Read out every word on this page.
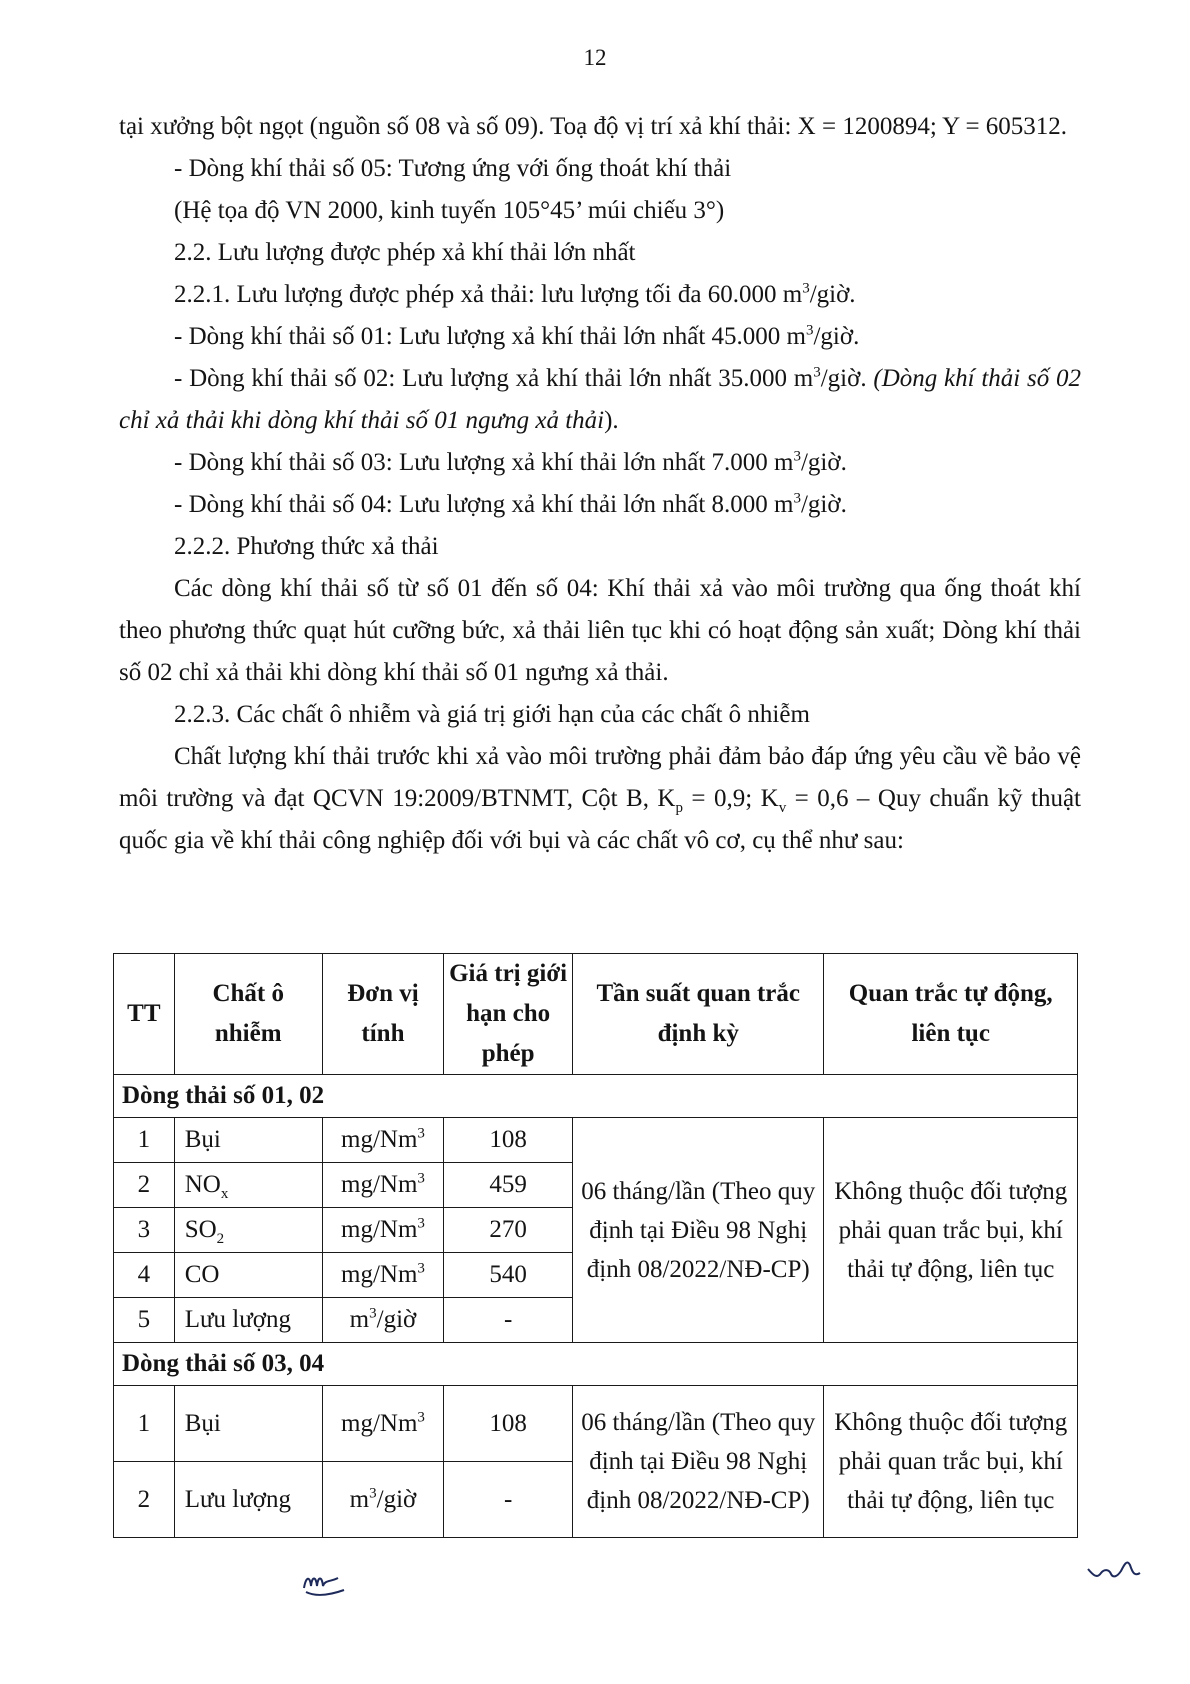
12

tại xưởng bột ngọt (nguồn số 08 và số 09). Toạ độ vị trí xả khí thải: X = 1200894; Y = 605312.

- Dòng khí thải số 05: Tương ứng với ống thoát khí thải

(Hệ tọa độ VN 2000, kinh tuyến 105°45’ múi chiếu 3°)

2.2. Lưu lượng được phép xả khí thải lớn nhất

2.2.1. Lưu lượng được phép xả thải: lưu lượng tối đa 60.000 $m^3$/giờ.

- Dòng khí thải số 01: Lưu lượng xả khí thải lớn nhất 45.000 $m^3$/giờ.

- Dòng khí thải số 02: Lưu lượng xả khí thải lớn nhất 35.000 $m^3$/giờ. (Dòng khí thải số 02 chỉ xả thải khi dòng khí thải số 01 ngưng xả thải).

- Dòng khí thải số 03: Lưu lượng xả khí thải lớn nhất 7.000 $m^3$/giờ.

- Dòng khí thải số 04: Lưu lượng xả khí thải lớn nhất 8.000 $m^3$/giờ.

2.2.2. Phương thức xả thải

Các dòng khí thải số từ số 01 đến số 04: Khí thải xả vào môi trường qua ống thoát khí theo phương thức quạt hút cưỡng bức, xả thải liên tục khi có hoạt động sản xuất; Dòng khí thải số 02 chỉ xả thải khi dòng khí thải số 01 ngưng xả thải.

2.2.3. Các chất ô nhiễm và giá trị giới hạn của các chất ô nhiễm

Chất lượng khí thải trước khi xả vào môi trường phải đảm bảo đáp ứng yêu cầu về bảo vệ môi trường và đạt QCVN 19:2009/BTNMT, Cột B, $K_p = 0,9$; $K_v = 0,6$ – Quy chuẩn kỹ thuật quốc gia về khí thải công nghiệp đối với bụi và các chất vô cơ, cụ thể như sau:

TT	Chất ô nhiễm	Đơn vị tính	Giá trị giới hạn cho phép	Tần suất quan trắc định kỳ	Quan trắc tự động, liên tục
Dòng thải số 01, 02					
1	Bụi	mg/Nm$^3$	108	06 tháng/lần (Theo quy định tại Điều 98 Nghị định 08/2022/NĐ-CP)	Không thuộc đối tượng phải quan trắc bụi, khí thải tự động, liên tục
2	$NO_x$	mg/Nm$^3$	459		
3	$SO_2$	mg/Nm$^3$	270		
4	CO	mg/Nm$^3$	540		
5	Lưu lượng	$m^3$/giờ	-		
Dòng thải số 03, 04					
1	Bụi	mg/Nm$^3$	108	06 tháng/lần (Theo quy định tại Điều 98 Nghị định 08/2022/NĐ-CP)	Không thuộc đối tượng phải quan trắc bụi, khí thải tự động, liên tục
2	Lưu lượng	$m^3$/giờ	-		
